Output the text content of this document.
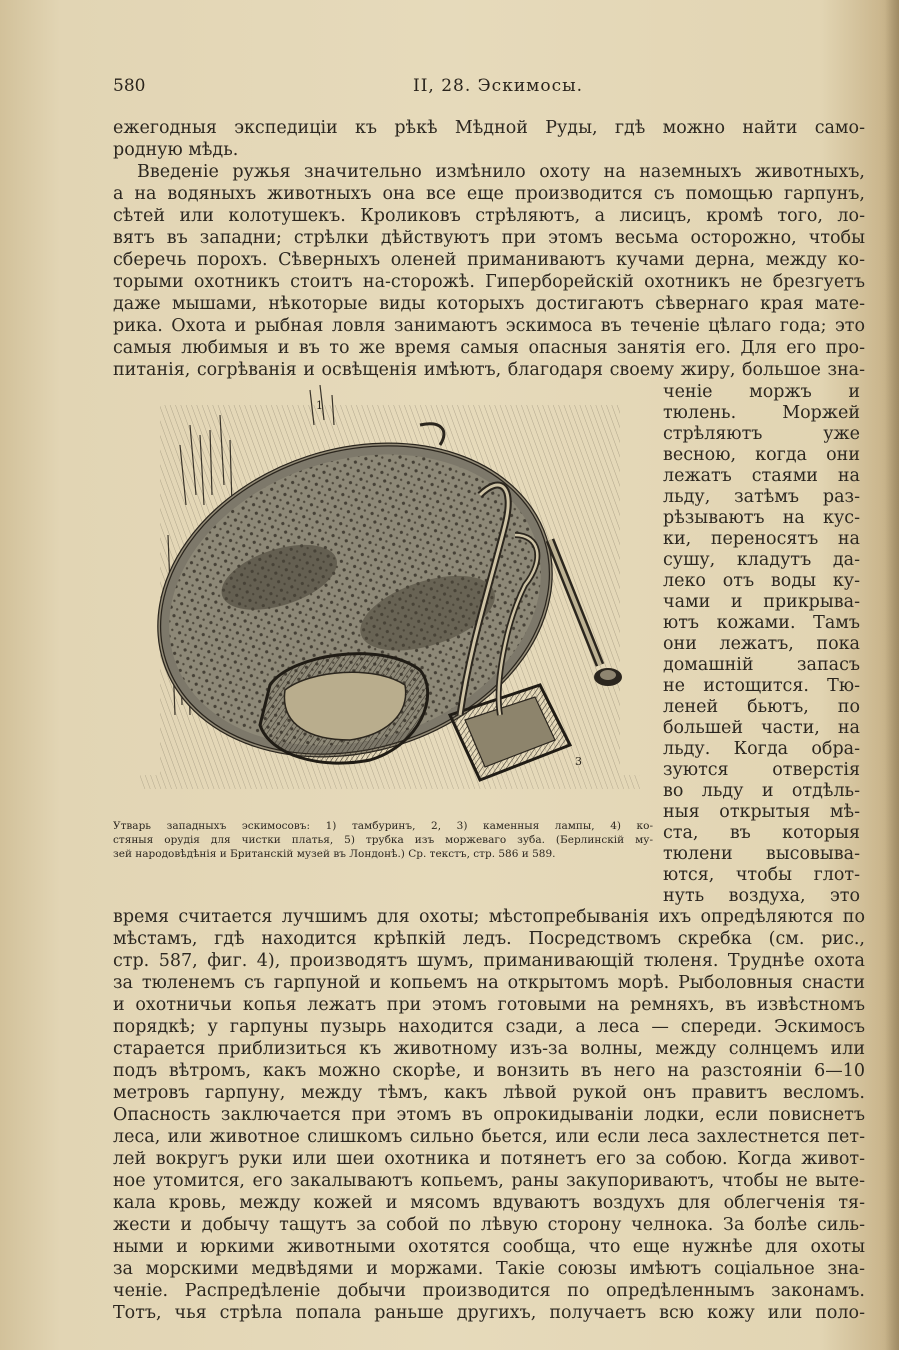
580	II, 28. Эскимосы.
ежегодныя экспедиціи къ рѣкѣ Мѣдной Руды, гдѣ можно найти само-
родную мѣдь.
Введеніе ружья значительно измѣнило охоту на наземныхъ животныхъ,
а на водяныхъ животныхъ она все еще производится съ помощью гарпунъ,
сѣтей или колотушекъ. Кроликовъ стрѣляютъ, а лисицъ, кромѣ того, ло-
вятъ въ западни; стрѣлки дѣйствуютъ при этомъ весьма осторожно, чтобы
сберечь порохъ. Сѣверныхъ оленей приманиваютъ кучами дерна, между ко-
торыми охотникъ стоитъ на-сторожѣ. Гиперборейскій охотникъ не брезгуетъ
даже мышами, нѣкоторые виды которыхъ достигаютъ сѣвернаго края мате-
рика. Охота и рыбная ловля занимаютъ эскимоса въ теченіе цѣлаго года; это
самыя любимыя и въ то же время самыя опасныя занятія его. Для его про-
питанія, согрѣванія и освѣщенія имѣютъ, благодаря своему жиру, большое зна-
ченіе моржъ и
тюлень. Моржей
стрѣляютъ уже
весною, когда они
лежатъ стаями на
льду, затѣмъ раз-
рѣзываютъ на кус-
ки, переносятъ на
сушу, кладутъ да-
леко отъ воды ку-
чами и прикрыва-
ютъ кожами. Тамъ
они лежатъ, пока
домашній запасъ
не истощится. Тю-
леней бьютъ, по
большей части, на
льду. Когда обра-
зуются отверстія
во льду и отдѣль-
ныя открытыя мѣ-
ста, въ которыя
тюлени высовыва-
ются, чтобы глот-
нуть воздуха, это
1
3
Утварь западныхъ эскимосовъ: 1) тамбуринъ, 2, 3) каменныя лампы, 4) ко-
стяныя орудія для чистки платья, 5) трубка изъ моржеваго зуба. (Берлинскій му-
зей народовѣдѣнія и Британскій музей въ Лондонѣ.) Ср. текстъ, стр. 586 и 589.
время считается лучшимъ для охоты; мѣстопребыванія ихъ опредѣляются по
мѣстамъ, гдѣ находится крѣпкій ледъ. Посредствомъ скребка (см. рис.,
стр. 587, фиг. 4), производятъ шумъ, приманивающій тюленя. Труднѣе охота
за тюленемъ съ гарпуной и копьемъ на открытомъ морѣ. Рыболовныя снасти
и охотничьи копья лежатъ при этомъ готовыми на ремняхъ, въ извѣстномъ
порядкѣ; у гарпуны пузырь находится сзади, а леса — спереди. Эскимосъ
старается приблизиться къ животному изъ-за волны, между солнцемъ или
подъ вѣтромъ, какъ можно скорѣе, и вонзить въ него на разстояніи 6—10
метровъ гарпуну, между тѣмъ, какъ лѣвой рукой онъ правитъ весломъ.
Опасность заключается при этомъ въ опрокидываніи лодки, если повиснетъ
леса, или животное слишкомъ сильно бьется, или если леса захлестнется пет-
лей вокругъ руки или шеи охотника и потянетъ его за собою. Когда живот-
ное утомится, его закалываютъ копьемъ, раны закупориваютъ, чтобы не выте-
кала кровь, между кожей и мясомъ вдуваютъ воздухъ для облегченія тя-
жести и добычу тащутъ за собой по лѣвую сторону челнока. За болѣе силь-
ными и юркими животными охотятся сообща, что еще нужнѣе для охоты
за морскими медвѣдями и моржами. Такіе союзы имѣютъ соціальное зна-
ченіе. Распредѣленіе добычи производится по опредѣленнымъ законамъ.
Тотъ, чья стрѣла попала раньше другихъ, получаетъ всю кожу или поло-
